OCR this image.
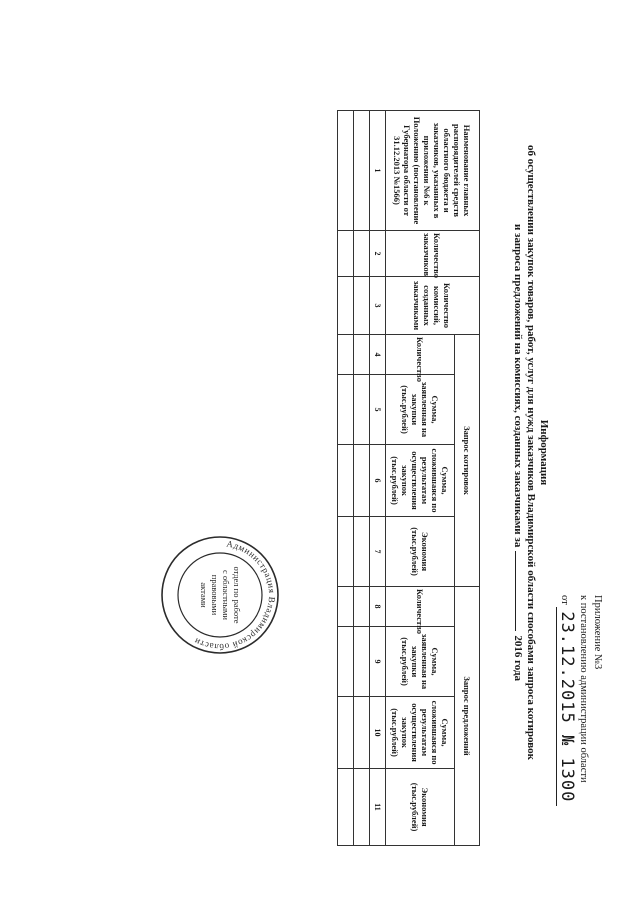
Приложение №3
к постановлению администрации области
от 23.12.2015 № 1300
Информация
об осуществлении закупок товаров, работ, услуг для нужд заказчиков Владимирской области способами запроса котировок
и запроса предложений на комиссиях, созданных заказчиками за2016 года
Наименование главных распорядителей средств областного бюджета и заказчиков, указанных в приложении №6 к Положению (постановление Губернатора области от 31.12.2013 №1566)	Количество заказчиков	Количество комиссий, созданных заказчиками	Запрос котировок				Запрос предложений			
			Количество	Сумма, заявленная на закупки (тыс.рублей)	Сумма, сложившаяся по результатам осуществления закупок (тыс.рублей)	Экономия (тыс.рублей)	Количество	Сумма, заявленная на закупки (тыс.рублей)	Сумма, сложившаяся по результатам осуществления закупок (тыс.рублей)	Экономия (тыс.рублей)
1	2	3	4	5	6	7	8	9	10	11

Администрация Владимирской области
отдел по работе
с областными
правовыми
актами
